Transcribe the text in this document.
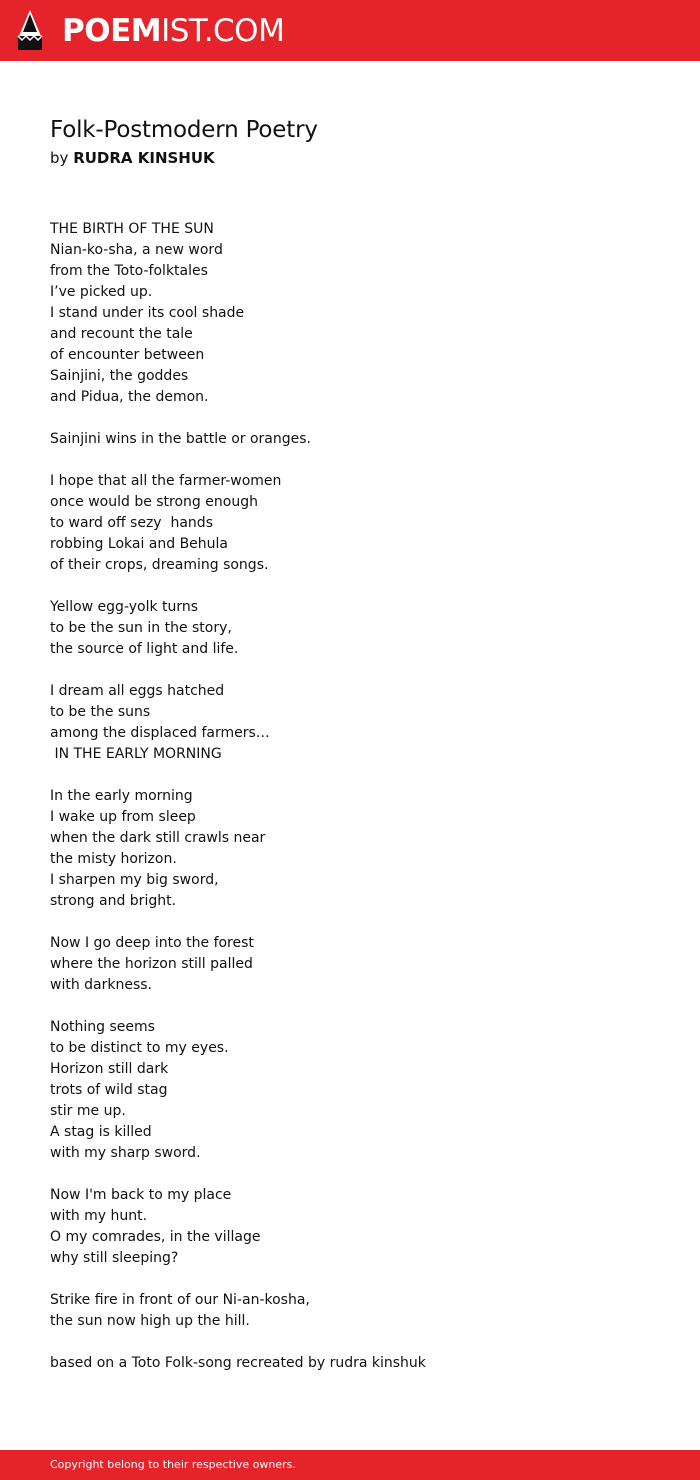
POEMIST.COM
Folk-Postmodern Poetry
by RUDRA KINSHUK
THE BIRTH OF THE SUN
Nian-ko-sha, a new word
from the Toto-folktales
I’ve picked up.
I stand under its cool shade
and recount the tale
of encounter between
Sainjini, the goddes
and Pidua, the demon.
Sainjini wins in the battle or oranges.
I hope that all the farmer-women
once would be strong enough
to ward off sezy  hands
robbing Lokai and Behula
of their crops, dreaming songs.
Yellow egg-yolk turns
to be the sun in the story,
the source of light and life.
I dream all eggs hatched
to be the suns
among the displaced farmers…
IN THE EARLY MORNING
In the early morning
I wake up from sleep
when the dark still crawls near
the misty horizon.
I sharpen my big sword,
strong and bright.
Now I go deep into the forest
where the horizon still palled
with darkness.
Nothing seems
to be distinct to my eyes.
Horizon still dark
trots of wild stag
stir me up.
A stag is killed
with my sharp sword.
Now I'm back to my place
with my hunt.
O my comrades, in the village
why still sleeping?
Strike fire in front of our Ni-an-kosha,
the sun now high up the hill.
based on a Toto Folk-song recreated by rudra kinshuk
Copyright belong to their respective owners.
